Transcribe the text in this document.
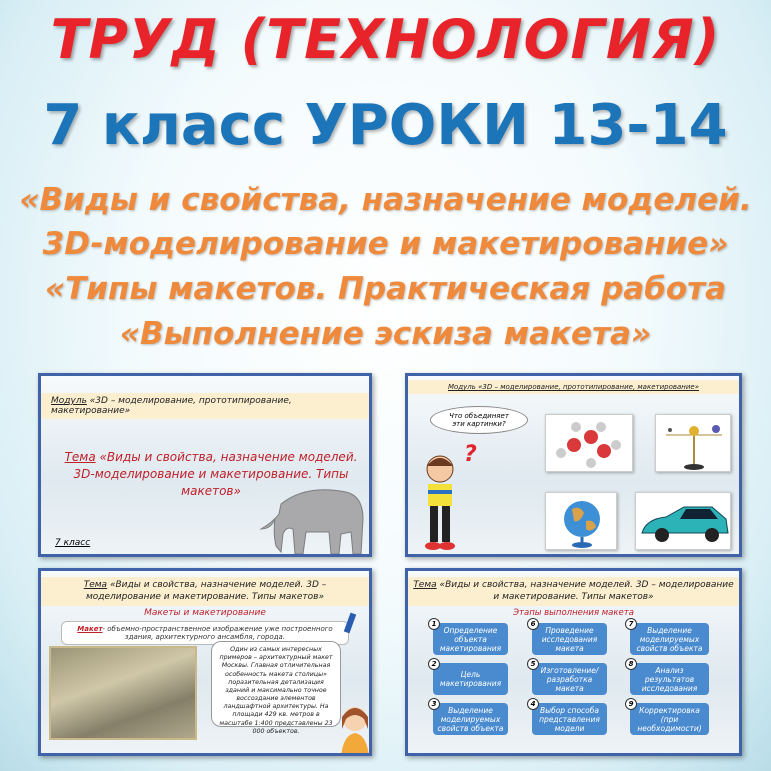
ТРУД (ТЕХНОЛОГИЯ)
7 класс УРОКИ 13-14
«Виды и свойства, назначение моделей.
3D-моделирование и макетирование»
«Типы макетов. Практическая работа
«Выполнение эскиза макета»
Модуль «3D – моделирование, прототипирование, макетирование»
Тема «Виды и свойства, назначение моделей. 3D-моделирование и макетирование. Типы макетов»
7 класс
Модуль «3D – моделирование, прототипирование, макетирование»
Что объединяет эти картинки?
?
Тема «Виды и свойства, назначение моделей. 3D – моделирование и макетирование. Типы макетов»
Макеты и макетирование
Макет- объемно-пространственное изображение уже построенного здания, архитектурного ансамбля, города.
Один из самых интересных примеров – архитектурный макет Москвы. Главная отличительная особенность макета столицы» поразительная детализация зданий и максимально точное воссоздание элементов ландшафтной архитектуры. На площади 429 кв. метров в масштабе 1:400 представлены 23 000 объектов.
Тема «Виды и свойства, назначение моделей. 3D – моделирование и макетирование. Типы макетов»
Этапы выполнения макета
1
Определение объекта макетирования
2
Цель макетирования
3
Выделение моделируемых свойств объекта
4
Выбор способа представления модели
5
Изготовление/ разработка макета
6
Проведение исследования макета
7
Выделение моделируемых свойств объекта
8
Анализ результатов исследования
9
Корректировка (при необходимости)
